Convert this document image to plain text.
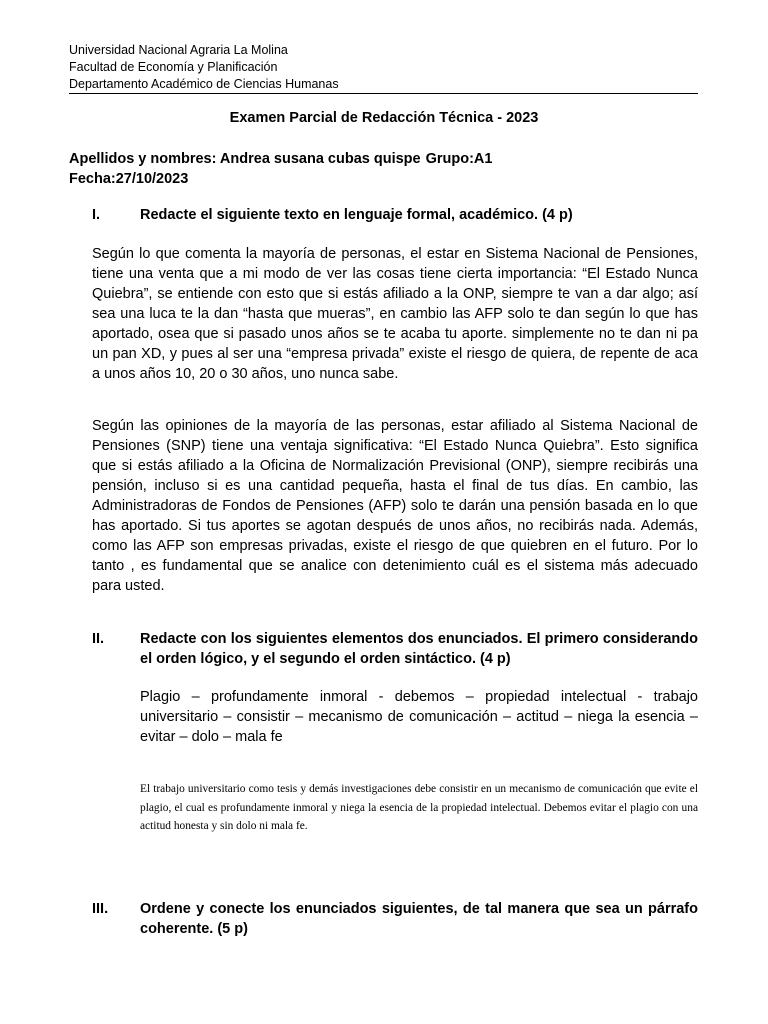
Universidad Nacional Agraria La Molina
Facultad de Economía y Planificación
Departamento Académico de Ciencias Humanas
Examen Parcial de Redacción Técnica - 2023
Apellidos y nombres: Andrea susana cubas quispe Grupo:A1
Fecha:27/10/2023
I.	Redacte el siguiente texto en lenguaje formal, académico. (4 p)
Según lo que comenta la mayoría de personas, el estar en Sistema Nacional de Pensiones, tiene una venta que a mi modo de ver las cosas tiene cierta importancia: “El Estado Nunca Quiebra”, se entiende con esto que si estás afiliado a la ONP, siempre te van a dar algo; así sea una luca te la dan “hasta que mueras”, en cambio las AFP solo te dan según lo que has aportado, osea que si pasado unos años se te acaba tu aporte. simplemente no te dan ni pa un pan XD, y pues al ser una “empresa privada” existe el riesgo de quiera, de repente de aca a unos años 10, 20 o 30 años, uno nunca sabe.
Según las opiniones de la mayoría de las personas, estar afiliado al Sistema Nacional de Pensiones (SNP) tiene una ventaja significativa: “El Estado Nunca Quiebra”. Esto significa que si estás afiliado a la Oficina de Normalización Previsional (ONP), siempre recibirás una pensión, incluso si es una cantidad pequeña, hasta el final de tus días. En cambio, las Administradoras de Fondos de Pensiones (AFP) solo te darán una pensión basada en lo que has aportado. Si tus aportes se agotan después de unos años, no recibirás nada. Además, como las AFP son empresas privadas, existe el riesgo de que quiebren en el futuro. Por lo tanto , es fundamental que se analice con detenimiento cuál es el sistema más adecuado para usted.
II. Redacte con los siguientes elementos dos enunciados. El primero considerando el orden lógico, y el segundo el orden sintáctico. (4 p)
Plagio – profundamente inmoral - debemos – propiedad intelectual - trabajo universitario – consistir – mecanismo de comunicación – actitud – niega la esencia – evitar – dolo – mala fe
El trabajo universitario como tesis y demás investigaciones debe consistir en un mecanismo de comunicación que evite el plagio, el cual es profundamente inmoral y niega la esencia de la propiedad intelectual. Debemos evitar el plagio con una actitud honesta y sin dolo ni mala fe.
III. Ordene y conecte los enunciados siguientes, de tal manera que sea un párrafo coherente. (5 p)
